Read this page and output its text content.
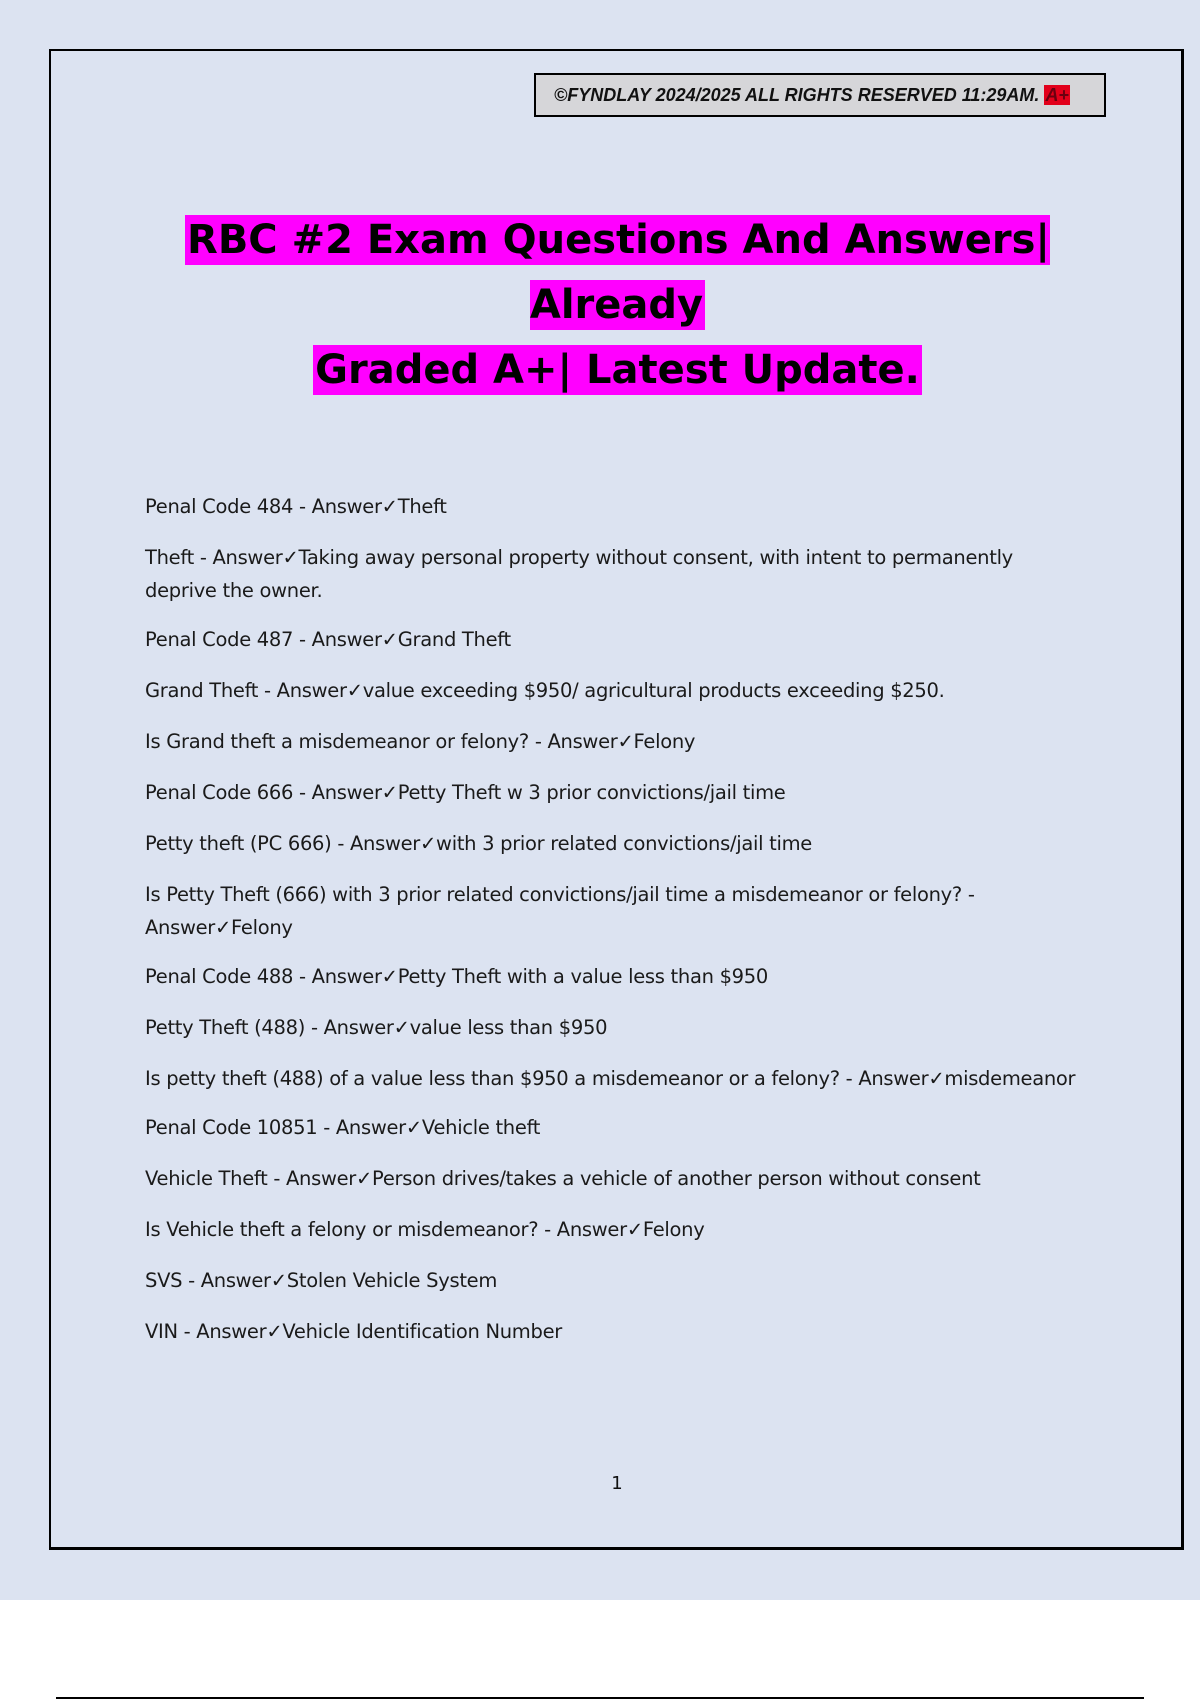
©FYNDLAY 2024/2025 ALL RIGHTS RESERVED 11:29AM. A+
RBC #2 Exam Questions And Answers| Already
Graded A+| Latest Update.
Penal Code 484 - Answer✓Theft
Theft - Answer✓Taking away personal property without consent, with intent to permanently deprive the owner.
Penal Code 487 - Answer✓Grand Theft
Grand Theft - Answer✓value exceeding $950/ agricultural products exceeding $250.
Is Grand theft a misdemeanor or felony? - Answer✓Felony
Penal Code 666 - Answer✓Petty Theft w 3 prior convictions/jail time
Petty theft (PC 666) - Answer✓with 3 prior related convictions/jail time
Is Petty Theft (666) with 3 prior related convictions/jail time a misdemeanor or felony? - Answer✓Felony
Penal Code 488 - Answer✓Petty Theft with a value less than $950
Petty Theft (488) - Answer✓value less than $950
Is petty theft (488) of a value less than $950 a misdemeanor or a felony? - Answer✓misdemeanor
Penal Code 10851 - Answer✓Vehicle theft
Vehicle Theft - Answer✓Person drives/takes a vehicle of another person without consent
Is Vehicle theft a felony or misdemeanor? - Answer✓Felony
SVS - Answer✓Stolen Vehicle System
VIN - Answer✓Vehicle Identification Number
1
